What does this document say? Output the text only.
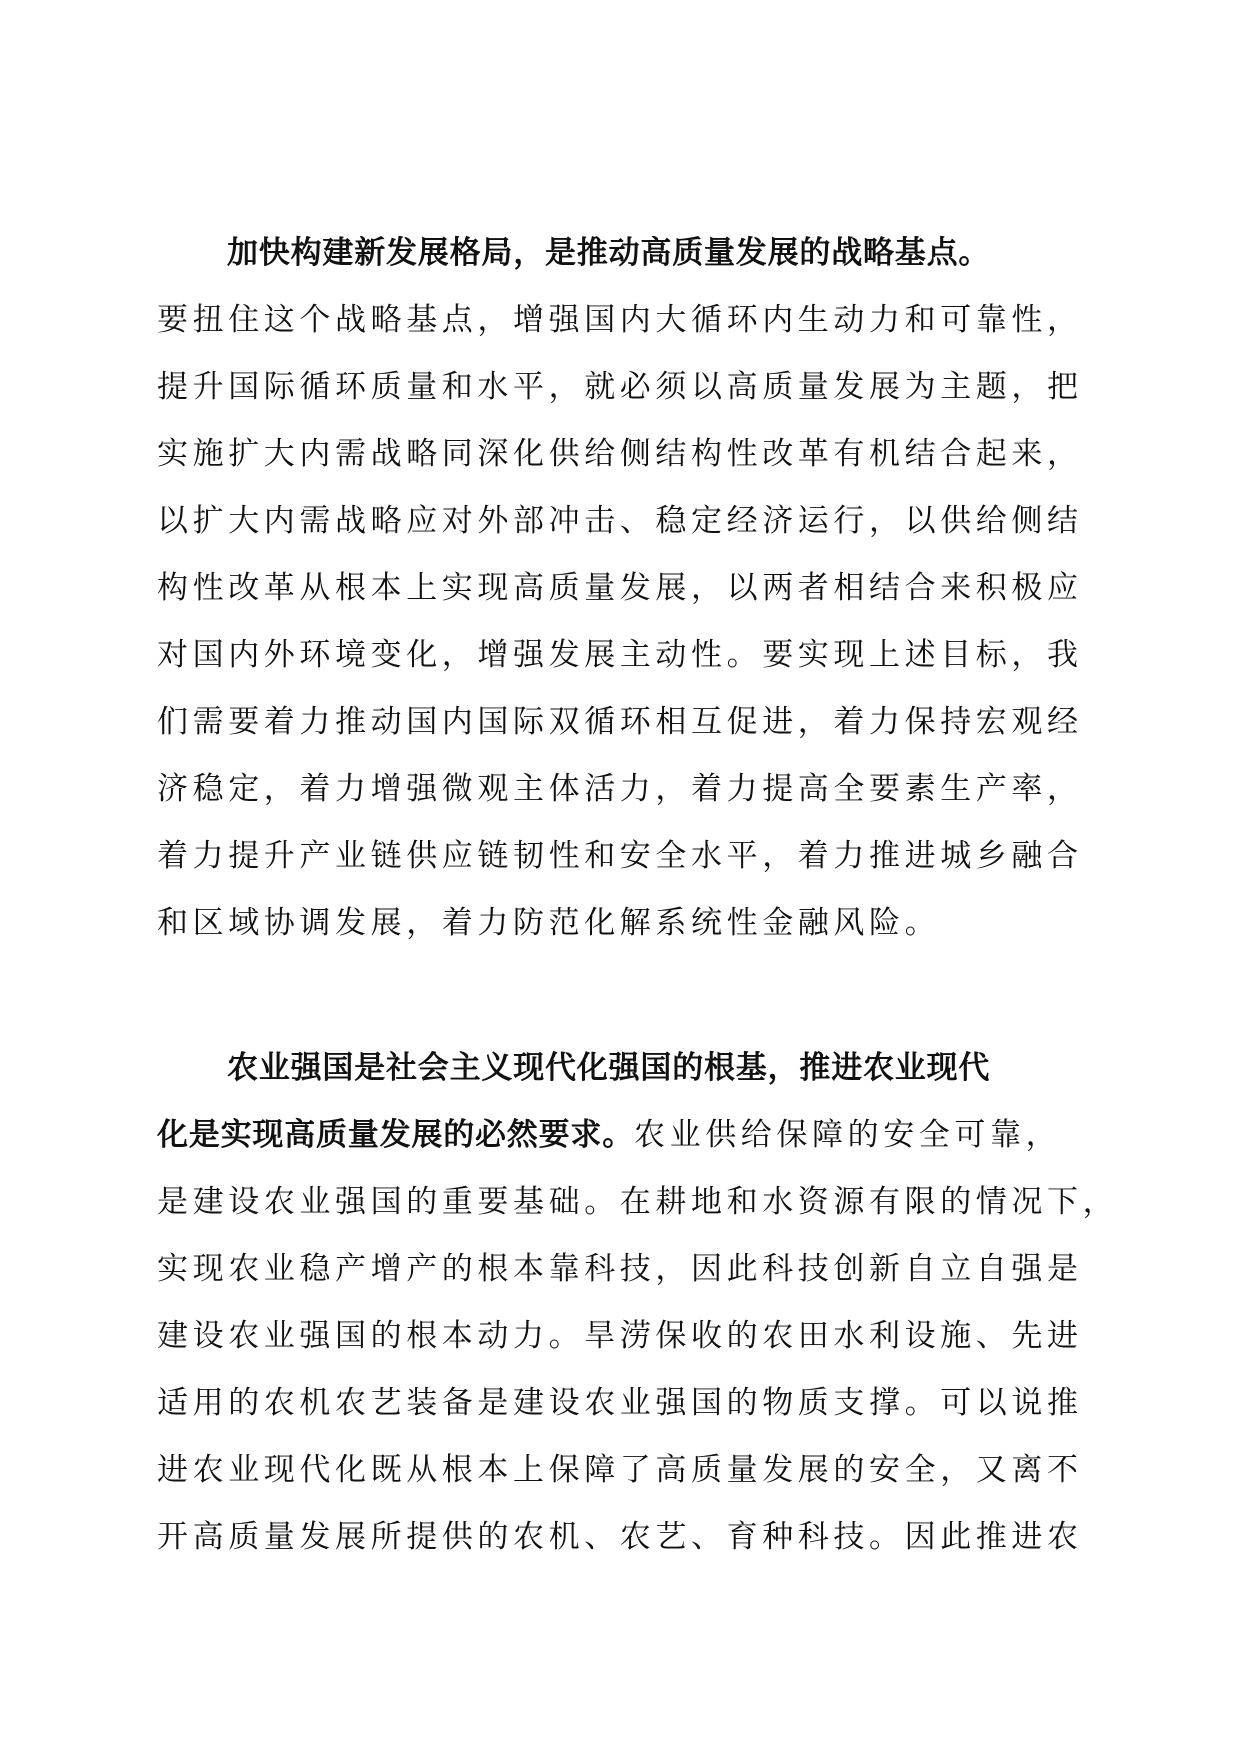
加快构建新发展格局，是推动高质量发展的战略基点。
要扭住这个战略基点，增强国内大循环内生动力和可靠性，
提升国际循环质量和水平，就必须以高质量发展为主题，把
实施扩大内需战略同深化供给侧结构性改革有机结合起来，
以扩大内需战略应对外部冲击、稳定经济运行，以供给侧结
构性改革从根本上实现高质量发展，以两者相结合来积极应
对国内外环境变化，增强发展主动性。要实现上述目标，我
们需要着力推动国内国际双循环相互促进，着力保持宏观经
济稳定，着力增强微观主体活力，着力提高全要素生产率，
着力提升产业链供应链韧性和安全水平，着力推进城乡融合
和区域协调发展，着力防范化解系统性金融风险。
农业强国是社会主义现代化强国的根基，推进农业现代
化是实现高质量发展的必然要求。农业供给保障的安全可靠，
是建设农业强国的重要基础。在耕地和水资源有限的情况下，
实现农业稳产增产的根本靠科技，因此科技创新自立自强是
建设农业强国的根本动力。旱涝保收的农田水利设施、先进
适用的农机农艺装备是建设农业强国的物质支撑。可以说推
进农业现代化既从根本上保障了高质量发展的安全，又离不
开高质量发展所提供的农机、农艺、育种科技。因此推进农
